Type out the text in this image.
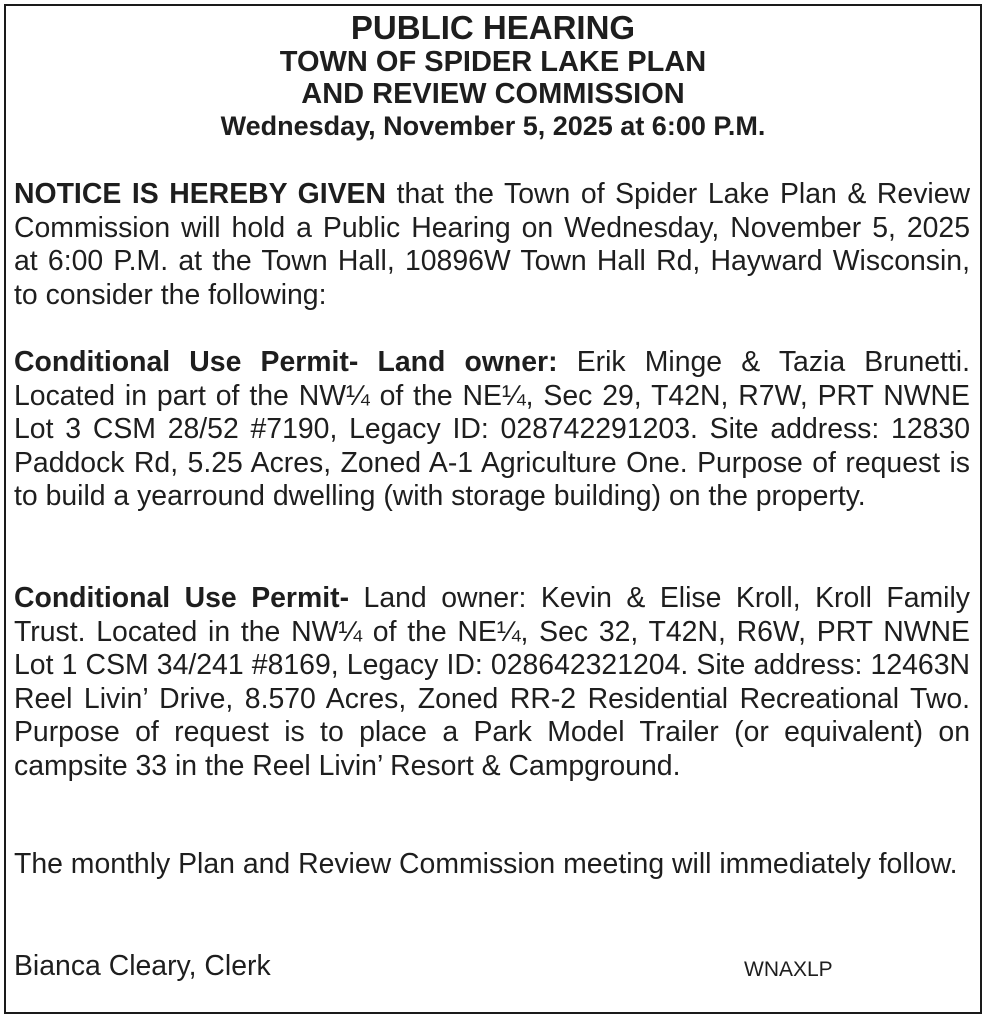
PUBLIC HEARING
TOWN OF SPIDER LAKE PLAN
AND REVIEW COMMISSION
Wednesday, November 5, 2025 at 6:00 P.M.
NOTICE IS HEREBY GIVEN that the Town of Spider Lake Plan & Review Commission will hold a Public Hearing on Wednesday, November 5, 2025 at 6:00 P.M. at the Town Hall, 10896W Town Hall Rd, Hayward Wisconsin, to consider the following:
Conditional Use Permit- Land owner: Erik Minge & Tazia Brunetti. Located in part of the NW¼ of the NE¼, Sec 29, T42N, R7W, PRT NWNE Lot 3 CSM 28/52 #7190, Legacy ID: 028742291203. Site address: 12830 Paddock Rd, 5.25 Acres, Zoned A-1 Agriculture One. Purpose of request is to build a yearround dwelling (with storage building) on the property.
Conditional Use Permit- Land owner: Kevin & Elise Kroll, Kroll Family Trust. Located in the NW¼ of the NE¼, Sec 32, T42N, R6W, PRT NWNE Lot 1 CSM 34/241 #8169, Legacy ID: 028642321204. Site address: 12463N Reel Livin’ Drive, 8.570 Acres, Zoned RR-2 Residential Recreational Two. Purpose of request is to place a Park Model Trailer (or equivalent) on campsite 33 in the Reel Livin’ Resort & Campground.
The monthly Plan and Review Commission meeting will immediately follow.
Bianca Cleary, Clerk	WNAXLP
